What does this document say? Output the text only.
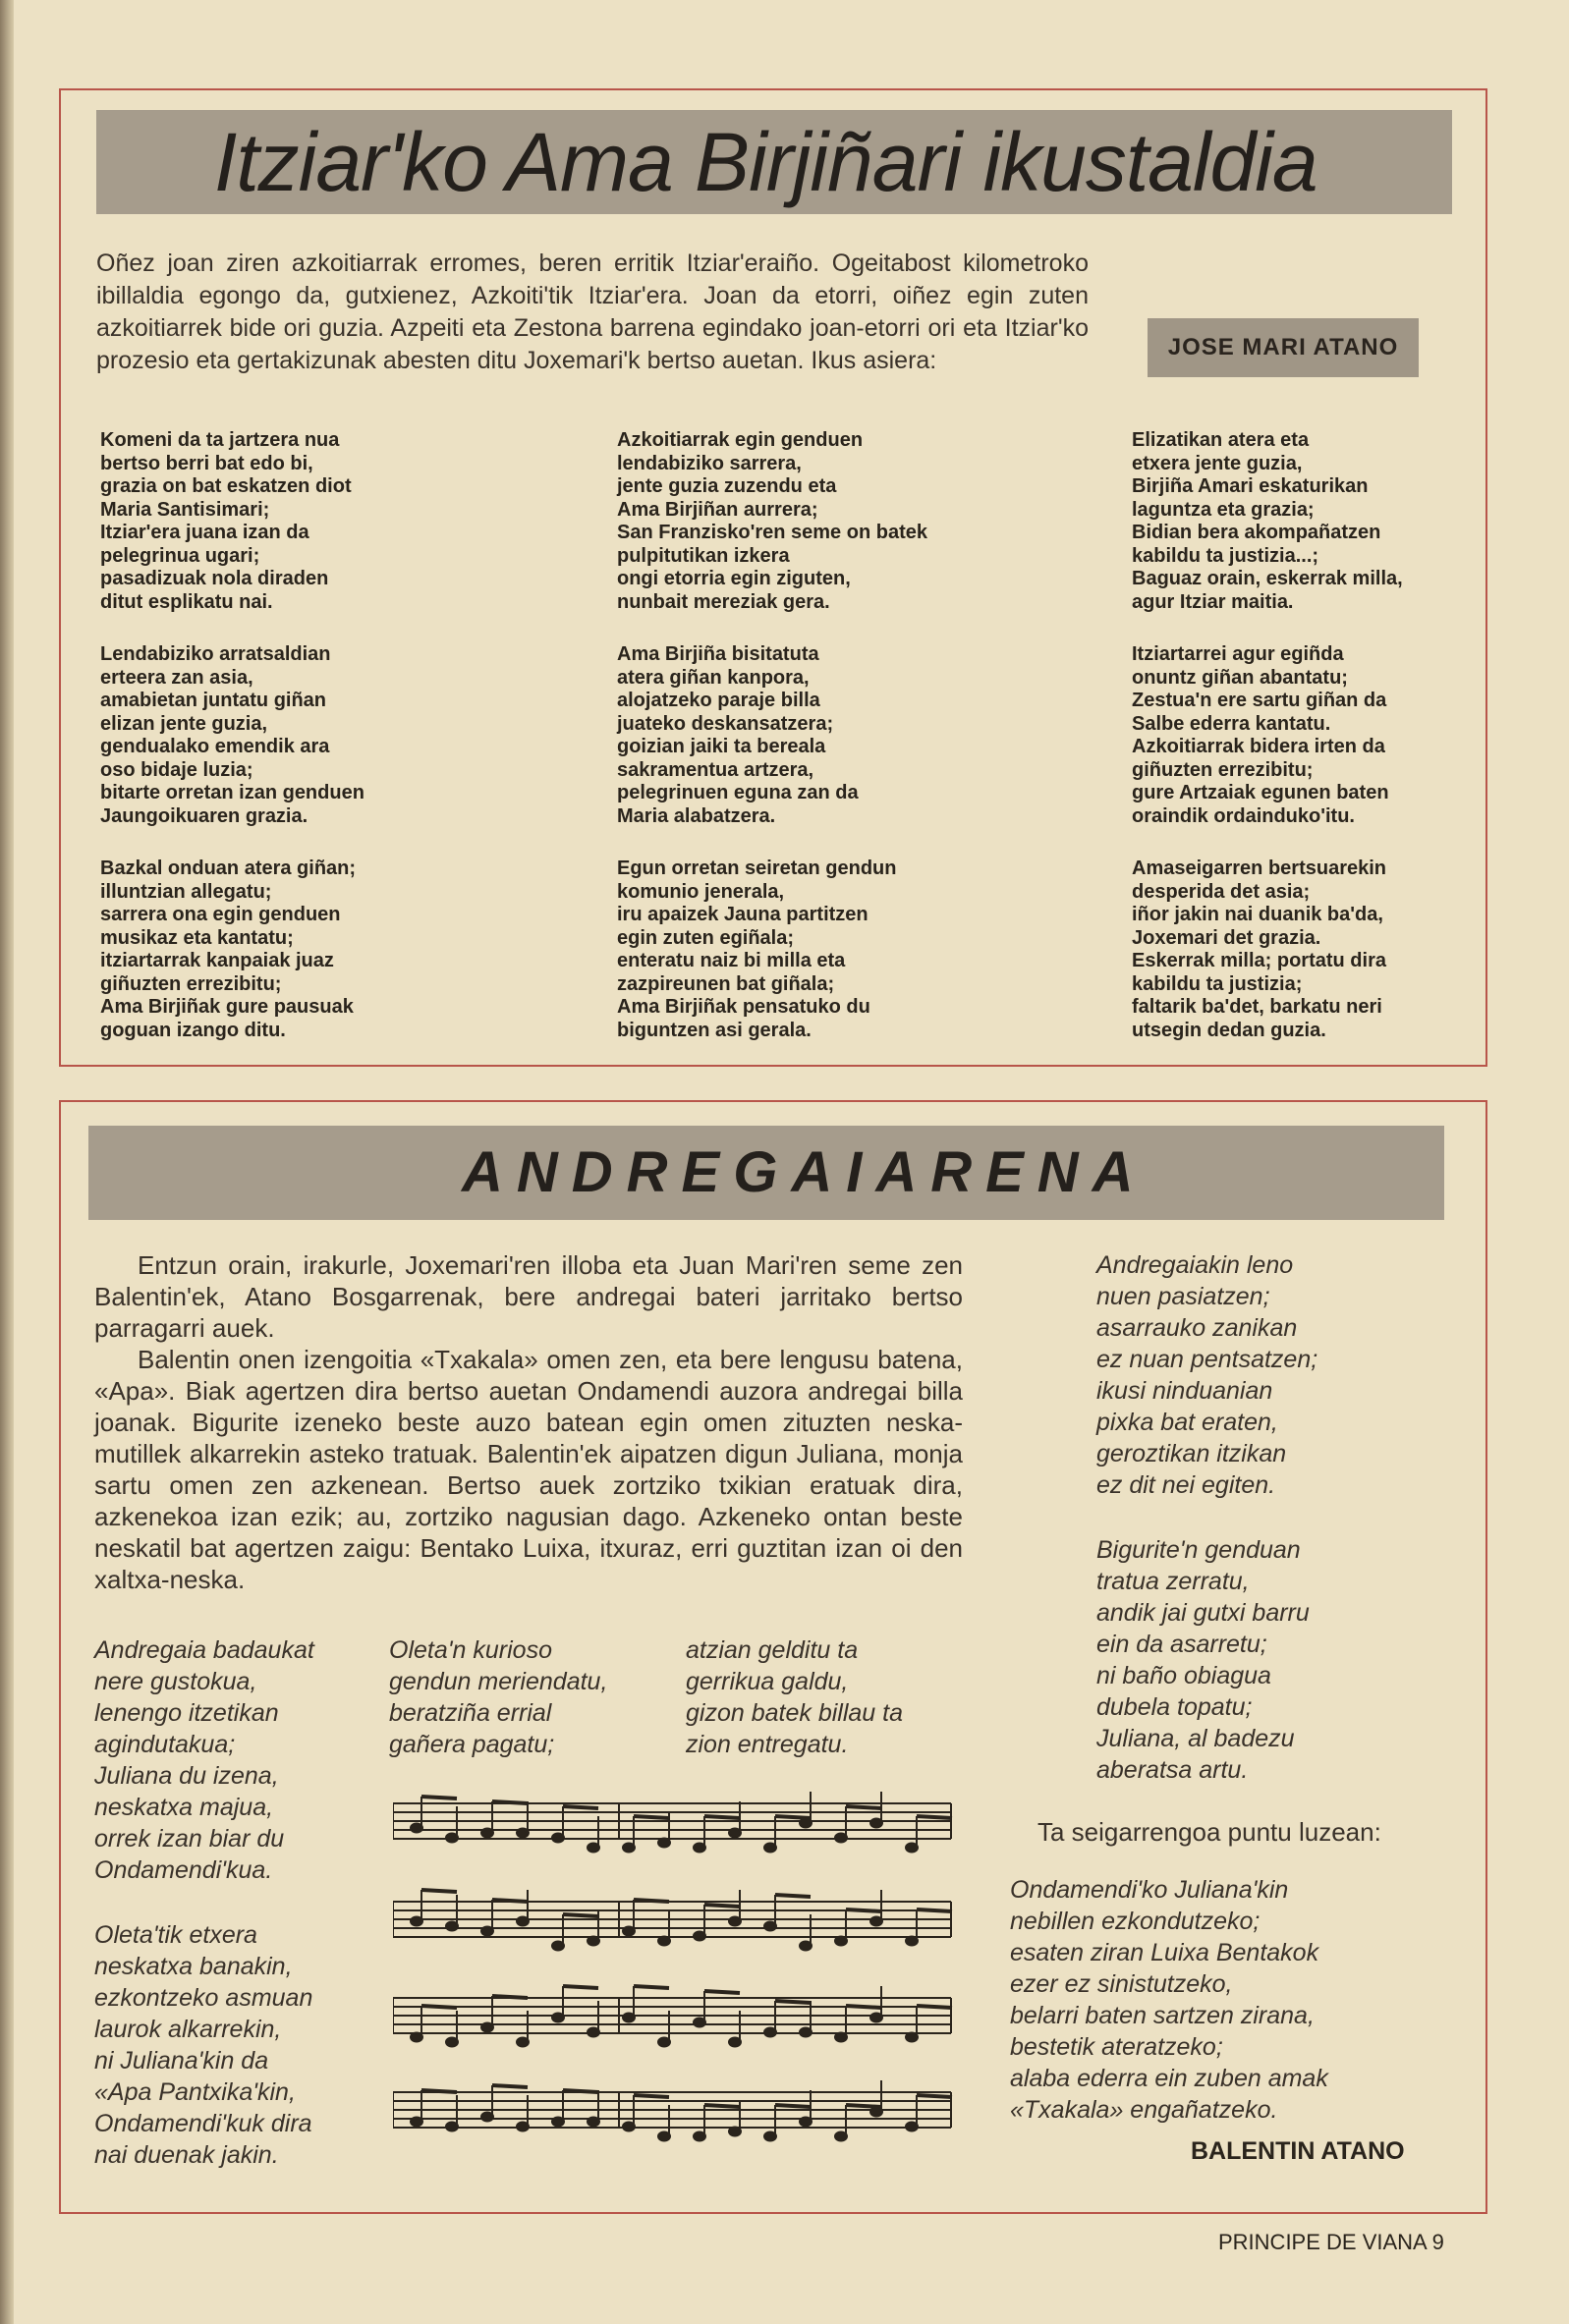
Itziar'ko Ama Birjiñari ikustaldia

Oñez joan ziren azkoitiarrak erromes, beren erritik Itziar'eraiño. Ogeitabost kilometroko ibillaldia egongo da, gutxienez, Azkoiti'tik Itziar'era. Joan da etorri, oiñez egin zuten azkoitiarrek bide ori guzia. Azpeiti eta Zestona barrena egindako joan-etorri ori eta Itziar'ko prozesio eta gertakizunak abesten ditu Joxemari'k bertso auetan. Ikus asiera:	JOSE MARI ATANO

Komeni da ta jartzera nua
bertso berri bat edo bi,
grazia on bat eskatzen diot
Maria Santisimari;
Itziar'era juana izan da
pelegrinua ugari;
pasadizuak nola diraden
ditut esplikatu nai.

Lendabiziko arratsaldian
erteera zan asia,
amabietan juntatu giñan
elizan jente guzia,
gendualako emendik ara
oso bidaje luzia;
bitarte orretan izan genduen
Jaungoikuaren grazia.

Bazkal onduan atera giñan;
illuntzian allegatu;
sarrera ona egin genduen
musikaz eta kantatu;
itziartarrak kanpaiak juaz
giñuzten errezibitu;
Ama Birjiñak gure pausuak
goguan izango ditu.

Azkoitiarrak egin genduen
lendabiziko sarrera,
jente guzia zuzendu eta
Ama Birjiñan aurrera;
San Franzisko'ren seme on batek
pulpitutikan izkera
ongi etorria egin ziguten,
nunbait mereziak gera.

Ama Birjiña bisitatuta
atera giñan kanpora,
alojatzeko paraje billa
juateko deskansatzera;
goizian jaiki ta bereala
sakramentua artzera,
pelegrinuen eguna zan da
Maria alabatzera.

Egun orretan seiretan gendun
komunio jenerala,
iru apaizek Jauna partitzen
egin zuten egiñala;
enteratu naiz bi milla eta
zazpireunen bat giñala;
Ama Birjiñak pensatuko du
biguntzen asi gerala.

Elizatikan atera eta
etxera jente guzia,
Birjiña Amari eskaturikan
laguntza eta grazia;
Bidian bera akompañatzen
kabildu ta justizia...;
Baguaz orain, eskerrak milla,
agur Itziar maitia.

Itziartarrei agur egiñda
onuntz giñan abantatu;
Zestua'n ere sartu giñan da
Salbe ederra kantatu.
Azkoitiarrak bidera irten da
giñuzten errezibitu;
gure Artzaiak egunen baten
oraindik ordainduko'itu.

Amaseigarren bertsuarekin
desperida det asia;
iñor jakin nai duanik ba'da,
Joxemari det grazia.
Eskerrak milla; portatu dira
kabildu ta justizia;
faltarik ba'det, barkatu neri
utsegin dedan guzia.

ANDREGAIARENA

Entzun orain, irakurle, Joxemari'ren illoba eta Juan Mari'ren seme zen Balentin'ek, Atano Bosgarrenak, bere andregai bateri jarritako bertso parragarri auek.

Balentin onen izengoitia «Txakala» omen zen, eta bere lengusu batena, «Apa». Biak agertzen dira bertso auetan Ondamendi auzora andregai billa joanak. Bigurite izeneko beste auzo batean egin omen zituzten neska-mutillek alkarrekin asteko tratuak. Balentin'ek aipatzen digun Juliana, monja sartu omen zen azkenean. Bertso auek zortziko txikian eratuak dira, azkenekoa izan ezik; au, zortziko nagusian dago. Azkeneko ontan beste neskatil bat agertzen zaigu: Bentako Luixa, itxuraz, erri guztitan izan oi den xaltxa-neska.

Andregaiakin leno
nuen pasiatzen;
asarrauko zanikan
ez nuan pentsatzen;
ikusi ninduanian
pixka bat eraten,
geroztikan itzikan
ez dit nei egiten.

Bigurite'n genduan
tratua zerratu,
andik jai gutxi barru
ein da asarretu;
ni baño obiagua
dubela topatu;
Juliana, al badezu
aberatsa artu.

Andregaia badaukat
nere gustokua,
lenengo itzetikan
agindutakua;
Juliana du izena,
neskatxa majua,
orrek izan biar du
Ondamendi'kua.

Oleta'tik etxera
neskatxa banakin,
ezkontzeko asmuan
laurok alkarrekin,
ni Juliana'kin da
«Apa Pantxika'kin,
Ondamendi'kuk dira
nai duenak jakin.

Oleta'n kurioso
gendun meriendatu,
beratziña errial
gañera pagatu;

atzian gelditu ta
gerrikua galdu,
gizon batek billau ta
zion entregatu.

Ta seigarrengoa puntu luzean:

Ondamendi'ko Juliana'kin
nebillen ezkondutzeko;
esaten ziran Luixa Bentakok
ezer ez sinistutzeko,
belarri baten sartzen zirana,
bestetik ateratzeko;
alaba ederra ein zuben amak
«Txakala» engañatzeko.

BALENTIN ATANO

PRINCIPE DE VIANA 9
